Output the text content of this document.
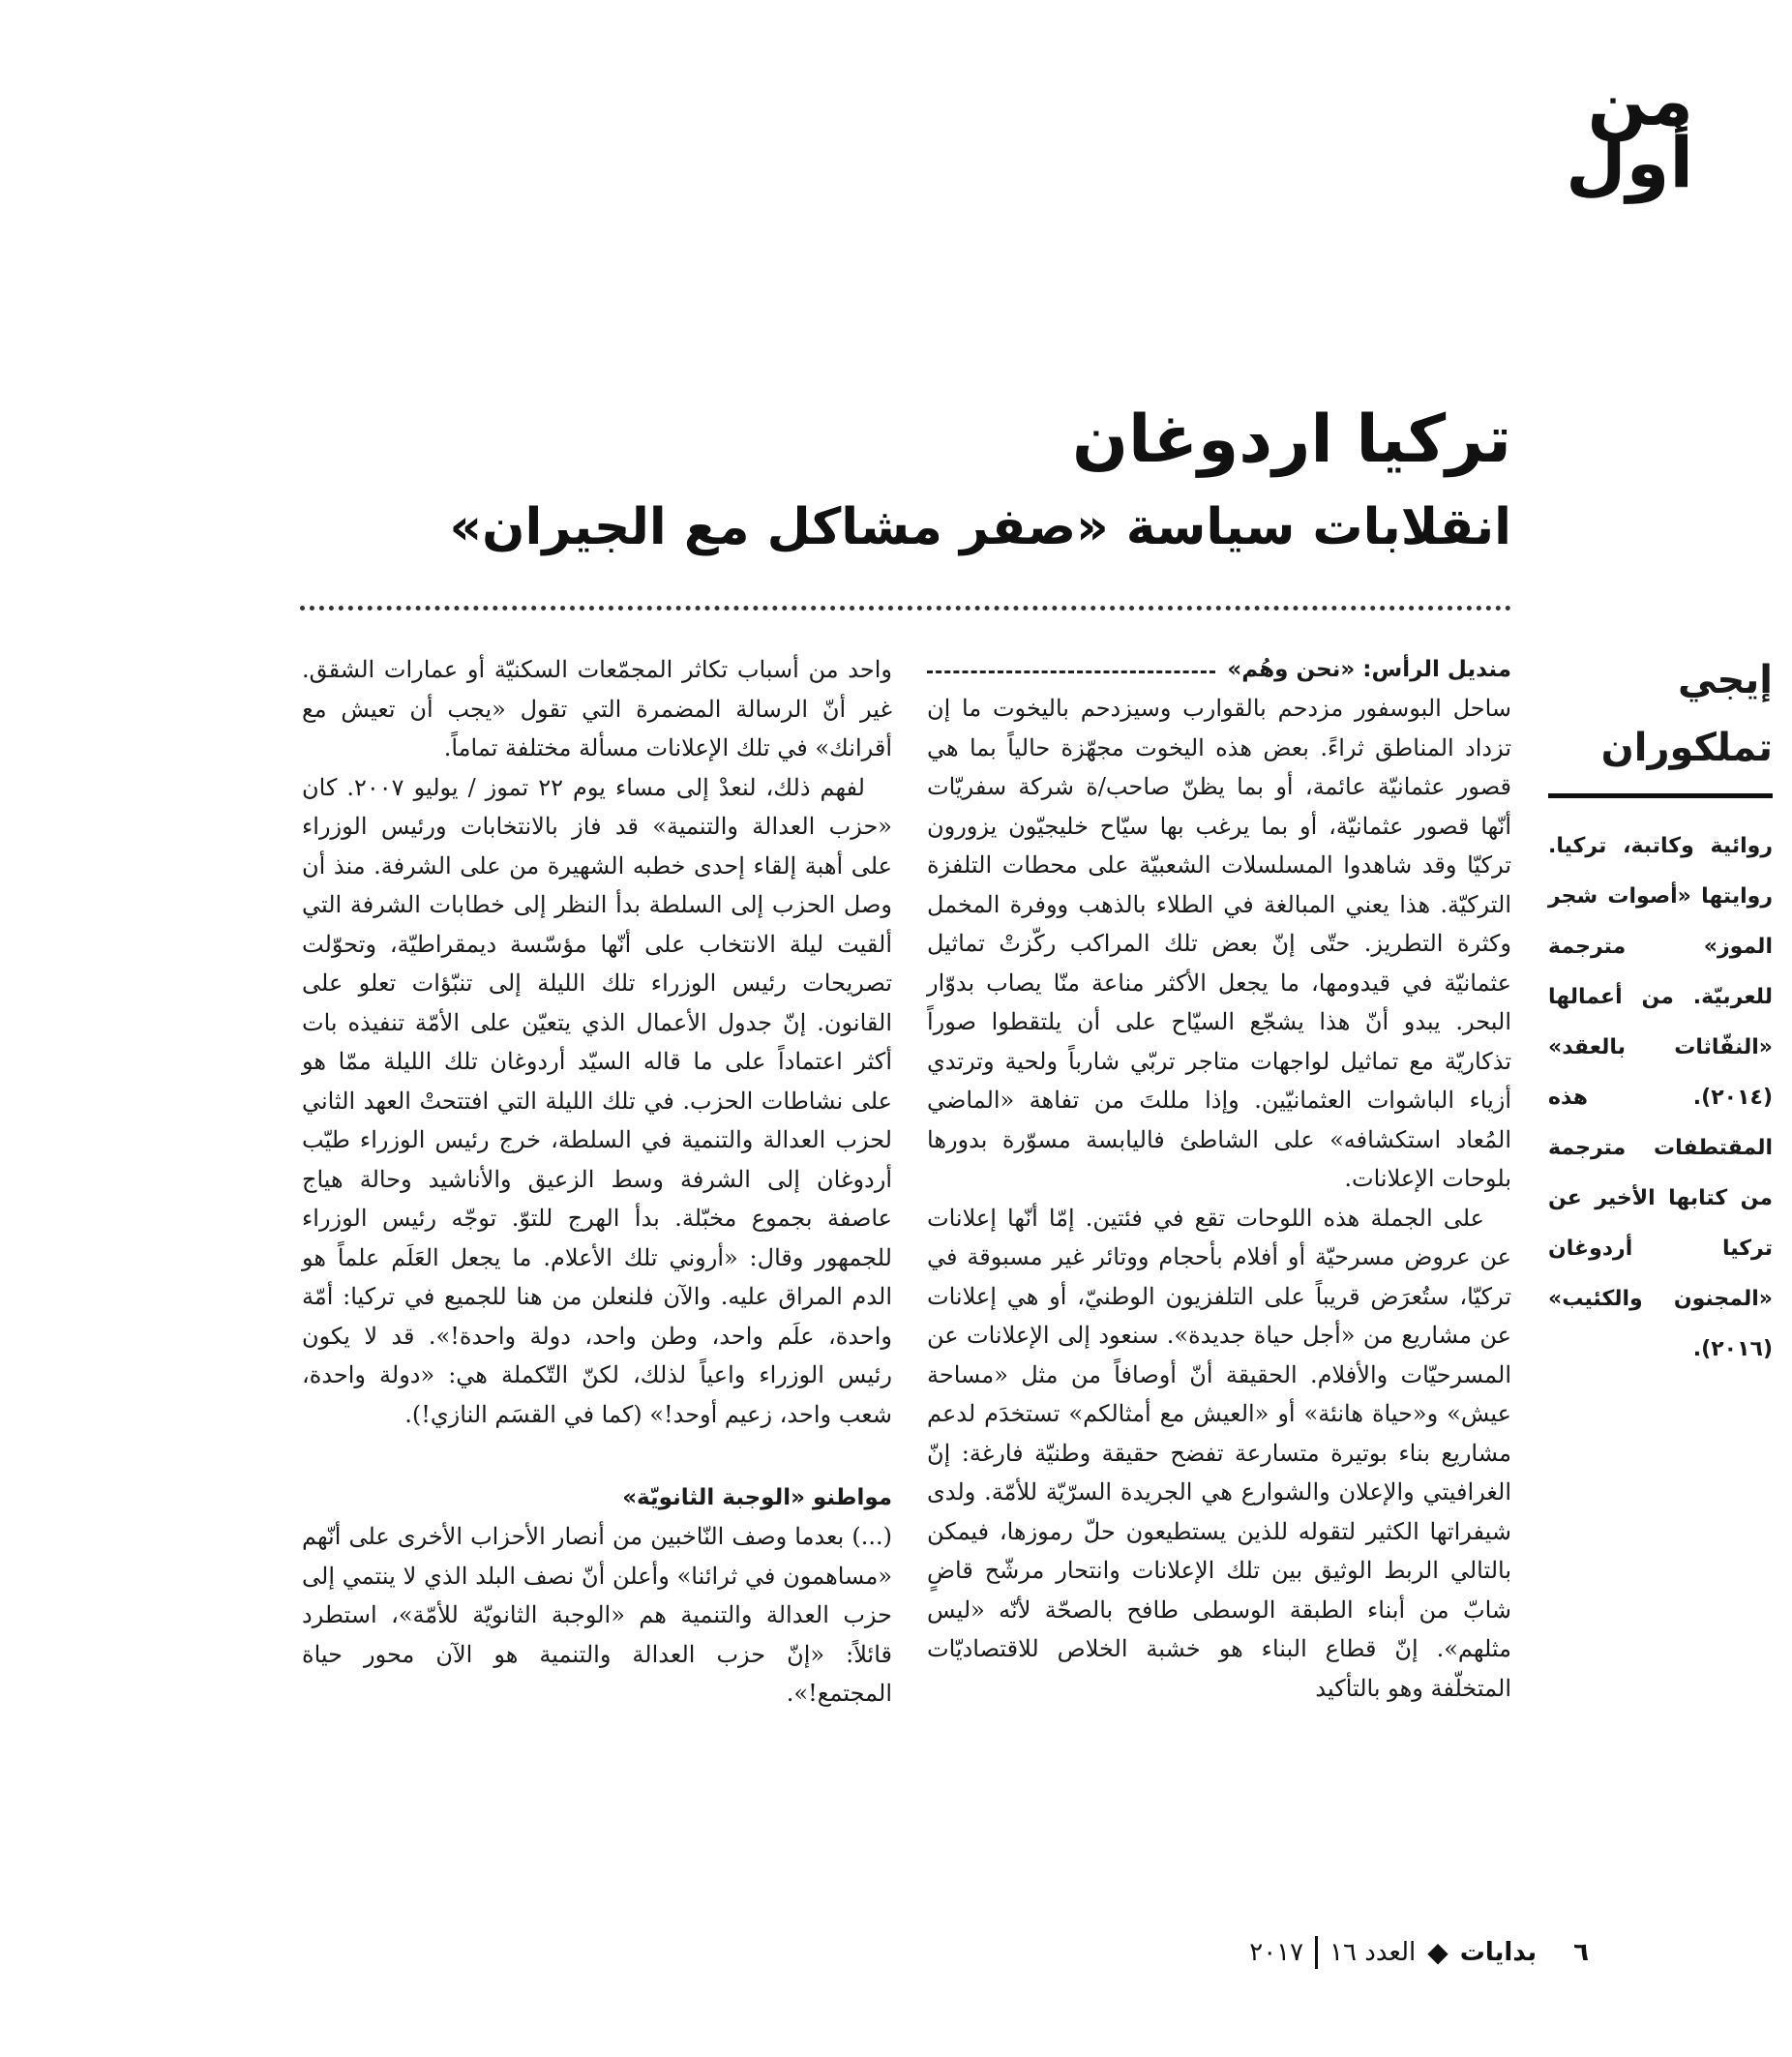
من أول
تركيا اردوغان
انقلابات سياسة «صفر مشاكل مع الجيران»
إيجي تملكوران

روائية وكاتبة، تركيا. روايتها «أصوات شجر الموز» مترجمة للعربيّة. من أعمالها «النفّاثات بالعقد» (٢٠١٤). هذه المقتطفات مترجمة من كتابها الأخير عن تركيا أردوغان «المجنون والكئيب» (٢٠١٦).

منديل الرأس: «نحن وهُم»

ساحل البوسفور مزدحم بالقوارب وسيزدحم باليخوت ما إن تزداد المناطق ثراءً. بعض هذه اليخوت مجهّزة حالياً بما هي قصور عثمانيّة عائمة، أو بما يظنّ صاحب/ة شركة سفريّات أنّها قصور عثمانيّة، أو بما يرغب بها سيّاح خليجيّون يزورون تركيّا وقد شاهدوا المسلسلات الشعبيّة على محطات التلفزة التركيّة. هذا يعني المبالغة في الطلاء بالذهب ووفرة المخمل وكثرة التطريز. حتّى إنّ بعض تلك المراكب ركّزتْ تماثيل عثمانيّة في قيدومها، ما يجعل الأكثر مناعة منّا يصاب بدوّار البحر. يبدو أنّ هذا يشجّع السيّاح على أن يلتقطوا صوراً تذكاريّة مع تماثيل لواجهات متاجر تربّي شارباً ولحية وترتدي أزياء الباشوات العثمانيّين. وإذا مللتَ من تفاهة «الماضي المُعاد استكشافه» على الشاطئ فاليابسة مسوّرة بدورها بلوحات الإعلانات.

على الجملة هذه اللوحات تقع في فئتين. إمّا أنّها إعلانات عن عروض مسرحيّة أو أفلام بأحجام ووتائر غير مسبوقة في تركيّا، ستُعرَض قريباً على التلفزيون الوطنيّ، أو هي إعلانات عن مشاريع من «أجل حياة جديدة». سنعود إلى الإعلانات عن المسرحيّات والأفلام. الحقيقة أنّ أوصافاً من مثل «مساحة عيش» و«حياة هانئة» أو «العيش مع أمثالكم» تستخدَم لدعم مشاريع بناء بوتيرة متسارعة تفضح حقيقة وطنيّة فارغة: إنّ الغرافيتي والإعلان والشوارع هي الجريدة السرّيّة للأمّة. ولدى شيفراتها الكثير لتقوله للذين يستطيعون حلّ رموزها، فيمكن بالتالي الربط الوثيق بين تلك الإعلانات وانتحار مرشّح قاضٍ شابّ من أبناء الطبقة الوسطى طافح بالصحّة لأنّه «ليس مثلهم». إنّ قطاع البناء هو خشبة الخلاص للاقتصاديّات المتخلّفة وهو بالتأكيد

واحد من أسباب تكاثر المجمّعات السكنيّة أو عمارات الشقق. غير أنّ الرسالة المضمرة التي تقول «يجب أن تعيش مع أقرانك» في تلك الإعلانات مسألة مختلفة تماماً.

لفهم ذلك، لنعدْ إلى مساء يوم ٢٢ تموز / يوليو ٢٠٠٧. كان «حزب العدالة والتنمية» قد فاز بالانتخابات ورئيس الوزراء على أهبة إلقاء إحدى خطبه الشهيرة من على الشرفة. منذ أن وصل الحزب إلى السلطة بدأ النظر إلى خطابات الشرفة التي ألقيت ليلة الانتخاب على أنّها مؤسّسة ديمقراطيّة، وتحوّلت تصريحات رئيس الوزراء تلك الليلة إلى تنبّؤات تعلو على القانون. إنّ جدول الأعمال الذي يتعيّن على الأمّة تنفيذه بات أكثر اعتماداً على ما قاله السيّد أردوغان تلك الليلة ممّا هو على نشاطات الحزب. في تلك الليلة التي افتتحتْ العهد الثاني لحزب العدالة والتنمية في السلطة، خرج رئيس الوزراء طيّب أردوغان إلى الشرفة وسط الزعيق والأناشيد وحالة هياج عاصفة بجموع مخبّلة. بدأ الهرج للتوّ. توجّه رئيس الوزراء للجمهور وقال: «أروني تلك الأعلام. ما يجعل العَلَم علماً هو الدم المراق عليه. والآن فلنعلن من هنا للجميع في تركيا: أمّة واحدة، علَم واحد، وطن واحد، دولة واحدة!». قد لا يكون رئيس الوزراء واعياً لذلك، لكنّ التّكملة هي: «دولة واحدة، شعب واحد، زعيم أوحد!» (كما في القسَم النازي!).

مواطنو «الوجبة الثانويّة»

(...) بعدما وصف النّاخبين من أنصار الأحزاب الأخرى على أنّهم «مساهمون في ثرائنا» وأعلن أنّ نصف البلد الذي لا ينتمي إلى حزب العدالة والتنمية هم «الوجبة الثانويّة للأمّة»، استطرد قائلاً: «إنّ حزب العدالة والتنمية هو الآن محور حياة المجتمع!».

٦
بدايات
◆
العدد ١٦
٢٠١٧
